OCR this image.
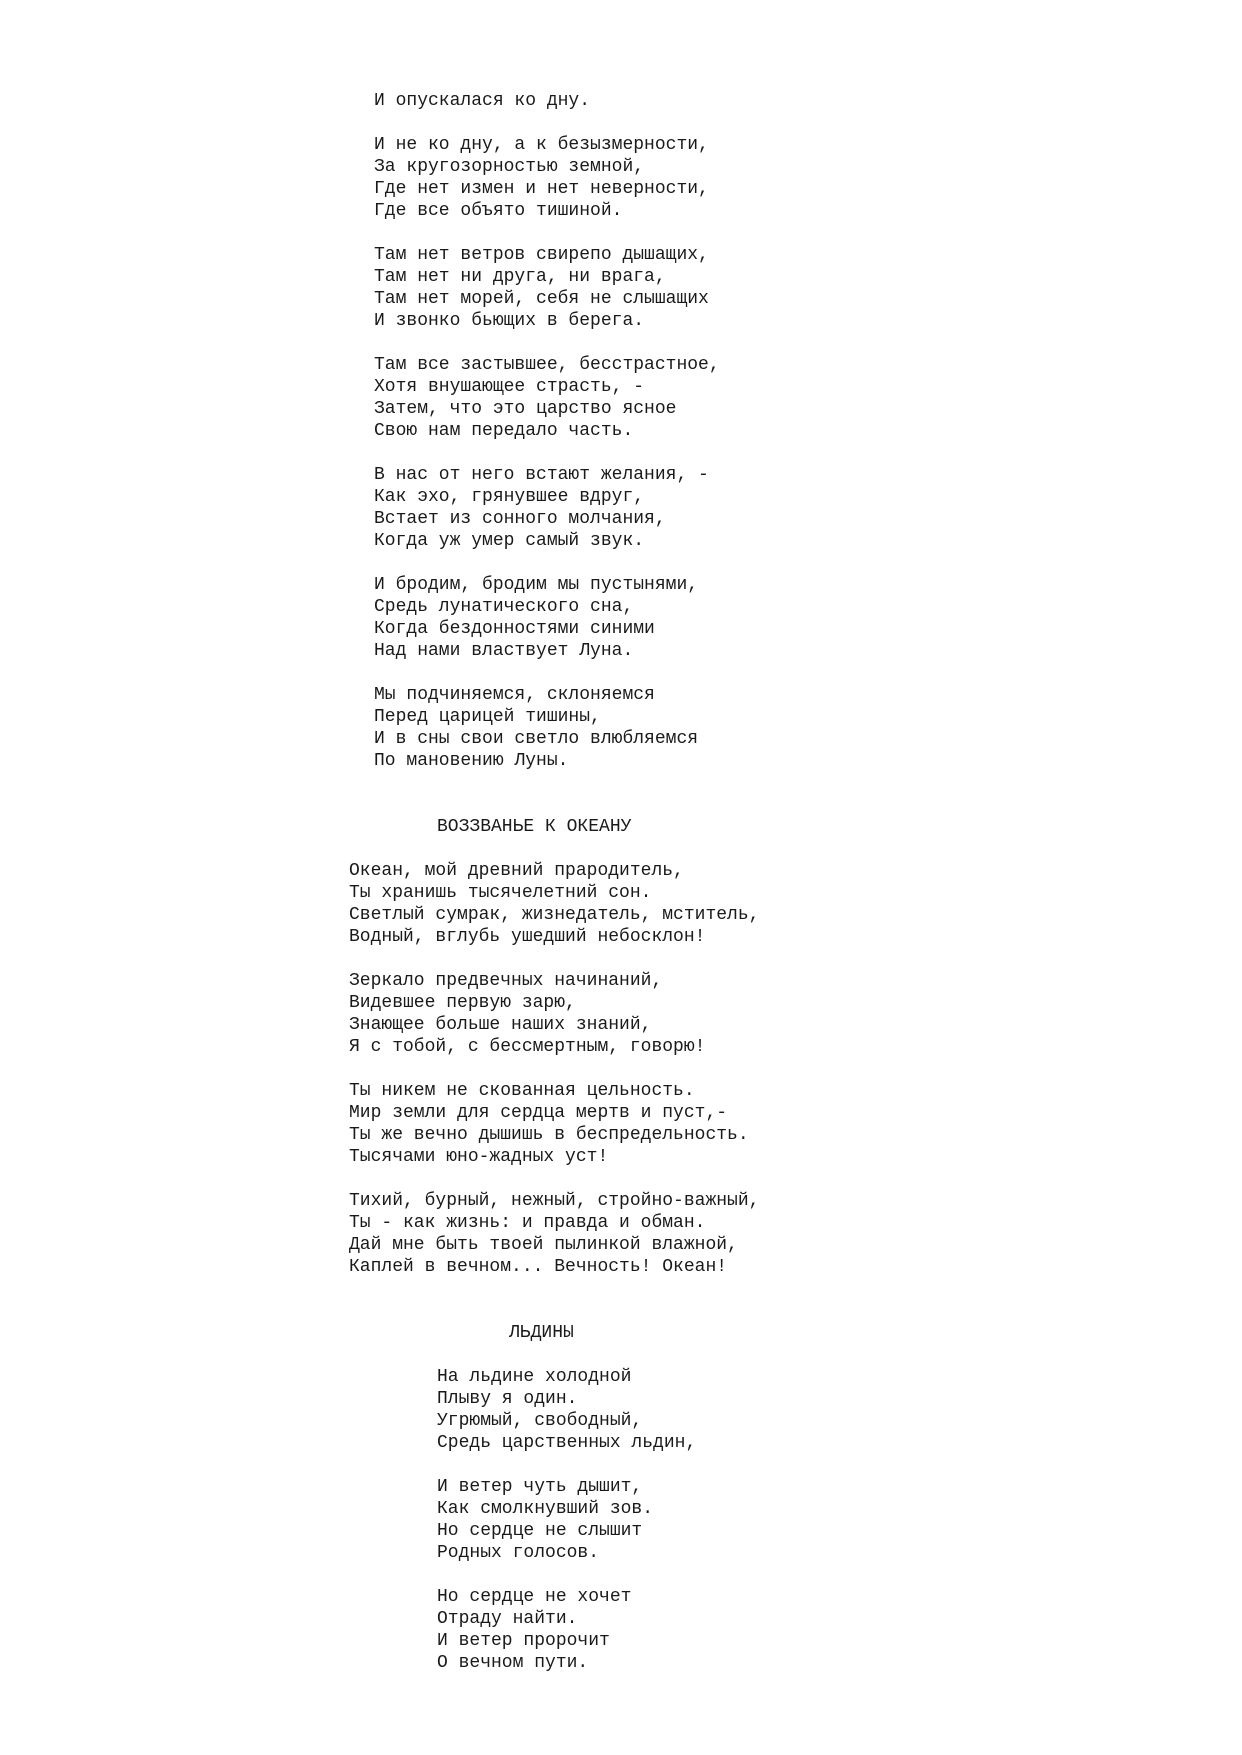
И опускалася ко дну.
И не ко дну, а к безызмерности,
За кругозорностью земной,
Где нет измен и нет неверности,
Где все объято тишиной.
Там нет ветров свирепо дышащих,
Там нет ни друга, ни врага,
Там нет морей, себя не слышащих
И звонко бьющих в берега.
Там все застывшее, бесстрастное,
Хотя внушающее страсть, -
Затем, что это царство ясное
Свою нам передало часть.
В нас от него встают желания, -
Как эхо, грянувшее вдруг,
Встает из сонного молчания,
Когда уж умер самый звук.
И бродим, бродим мы пустынями,
Средь лунатического сна,
Когда бездонностями синими
Над нами властвует Луна.
Мы подчиняемся, склоняемся
Перед царицей тишины,
И в сны свои светло влюбляемся
По мановению Луны.
ВОЗЗВАНЬЕ К ОКЕАНУ
Океан, мой древний прародитель,
Ты хранишь тысячелетний сон.
Светлый сумрак, жизнедатель, мститель,
Водный, вглубь ушедший небосклон!
Зеркало предвечных начинаний,
Видевшее первую зарю,
Знающее больше наших знаний,
Я с тобой, с бессмертным, говорю!
Ты никем не скованная цельность.
Мир земли для сердца мертв и пуст,-
Ты же вечно дышишь в беспредельность.
Тысячами юно-жадных уст!
Тихий, бурный, нежный, стройно-важный,
Ты - как жизнь: и правда и обман.
Дай мне быть твоей пылинкой влажной,
Каплей в вечном... Вечность! Океан!
ЛЬДИНЫ
На льдине холодной
Плыву я один.
Угрюмый, свободный,
Средь царственных льдин,
И ветер чуть дышит,
Как смолкнувший зов.
Но сердце не слышит
Родных голосов.
Но сердце не хочет
Отраду найти.
И ветер пророчит
О вечном пути.
